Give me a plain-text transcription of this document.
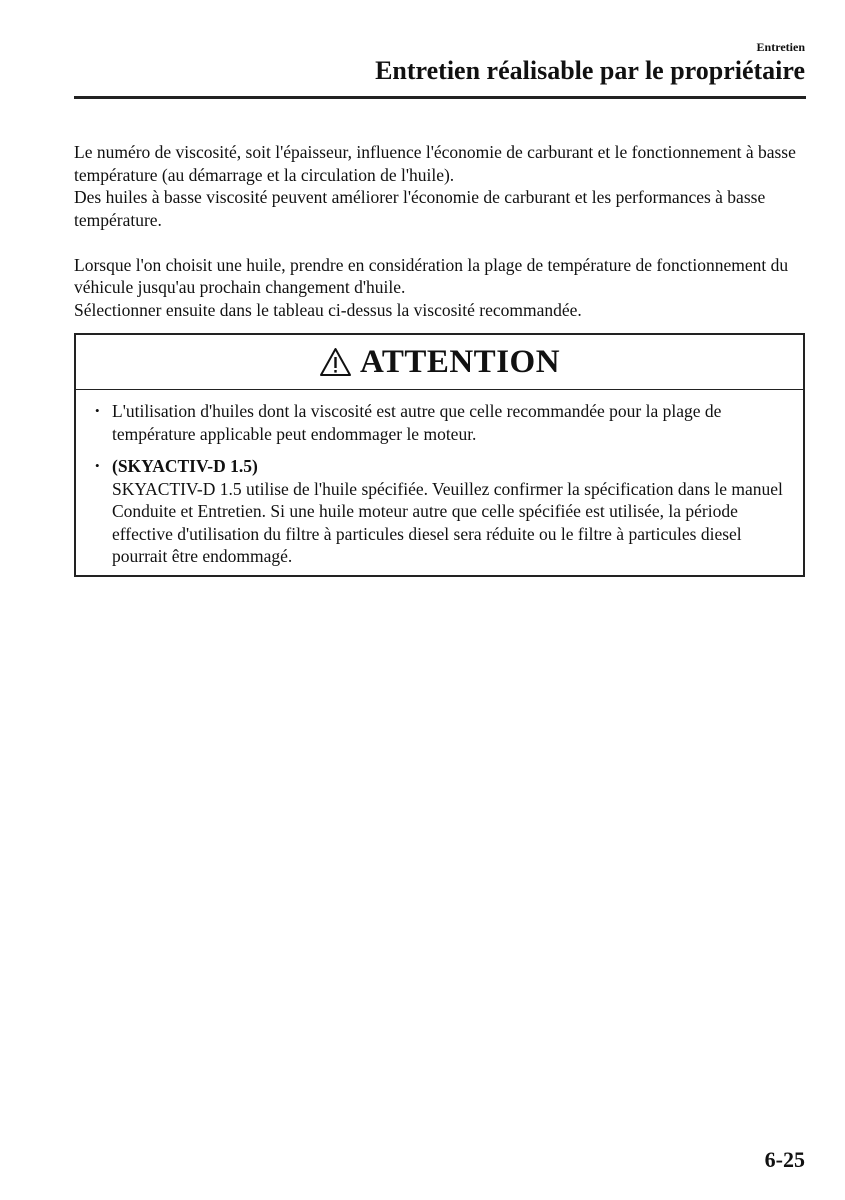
Entretien
Entretien réalisable par le propriétaire

Le numéro de viscosité, soit l'épaisseur, influence l'économie de carburant et le fonctionnement à basse température (au démarrage et la circulation de l'huile).
Des huiles à basse viscosité peuvent améliorer l'économie de carburant et les performances à basse température.

Lorsque l'on choisit une huile, prendre en considération la plage de température de fonctionnement du véhicule jusqu'au prochain changement d'huile.
Sélectionner ensuite dans le tableau ci-dessus la viscosité recommandée.

ATTENTION
• L'utilisation d'huiles dont la viscosité est autre que celle recommandée pour la plage de température applicable peut endommager le moteur.
• (SKYACTIV-D 1.5)
SKYACTIV-D 1.5 utilise de l'huile spécifiée. Veuillez confirmer la spécification dans le manuel Conduite et Entretien. Si une huile moteur autre que celle spécifiée est utilisée, la période effective d'utilisation du filtre à particules diesel sera réduite ou le filtre à particules diesel pourrait être endommagé.
6-25
